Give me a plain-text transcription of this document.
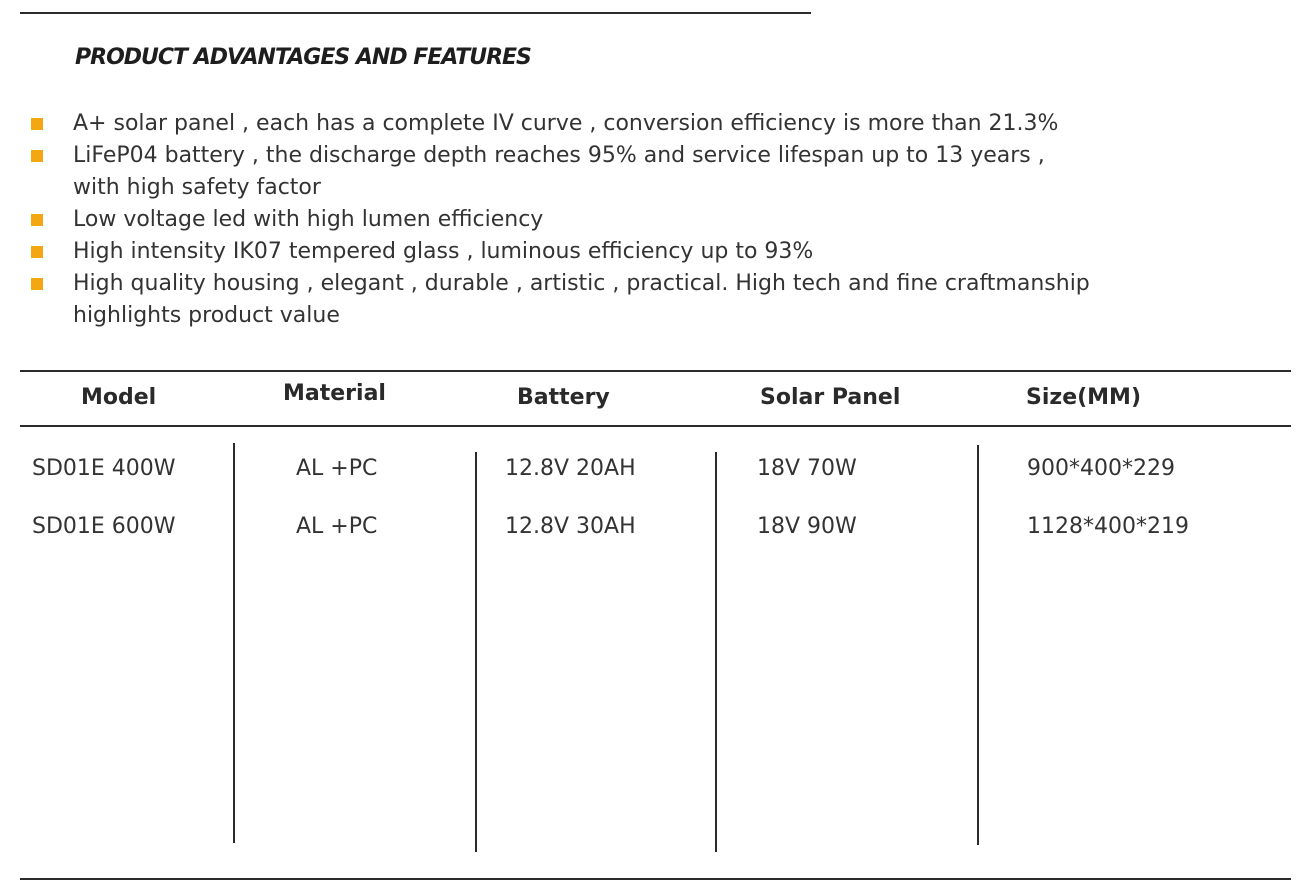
PRODUCT ADVANTAGES AND FEATURES
A+ solar panel , each has a complete IV curve , conversion efficiency is more than 21.3%
LiFeP04 battery , the discharge depth reaches 95% and service lifespan up to 13 years ,
with high safety factor
Low voltage led with high lumen efficiency
High intensity IK07 tempered glass , luminous efficiency up to 93%
High quality housing , elegant , durable , artistic , practical. High tech and fine craftmanship
highlights product value
Model	Material	Battery	Solar Panel	Size(MM)
SD01E 400W	AL +PC	12.8V 20AH	18V 70W	900*400*229
SD01E 600W	AL +PC	12.8V 30AH	18V 90W	1128*400*219
